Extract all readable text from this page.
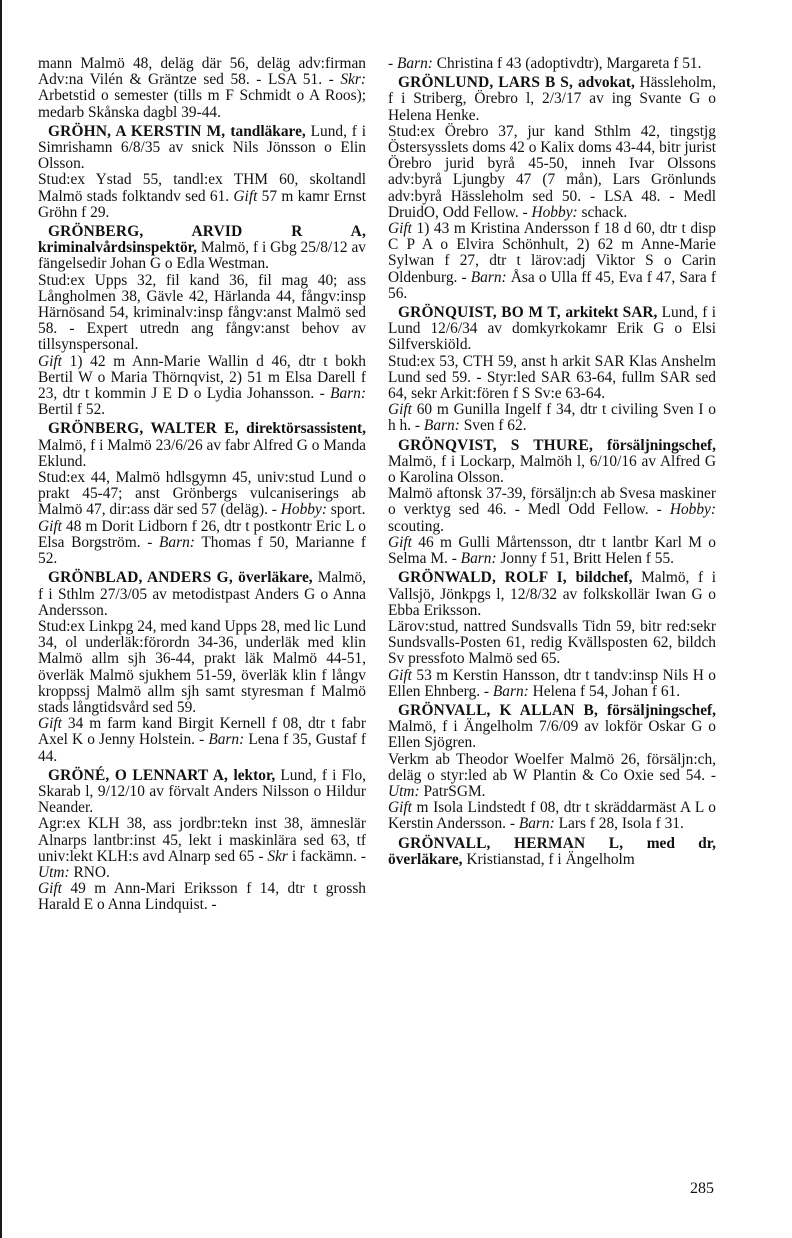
mann Malmö 48, deläg där 56, deläg adv:firman Adv:na Vilén & Gräntze sed 58. - LSA 51. - Skr: Arbetstid o semester (tills m F Schmidt o A Roos); medarb Skånska dagbl 39-44.

GRÖHN, A KERSTIN M, tandläkare, Lund, f i Simrishamn 6/8/35 av snick Nils Jönsson o Elin Olsson.

Stud:ex Ystad 55, tandl:ex THM 60, skoltandl Malmö stads folktandv sed 61. Gift 57 m kamr Ernst Gröhn f 29.

GRÖNBERG, ARVID R A, kriminalvårdsinspektör, Malmö, f i Gbg 25/8/12 av fängelsedir Johan G o Edla Westman.

Stud:ex Upps 32, fil kand 36, fil mag 40; ass Långholmen 38, Gävle 42, Härlanda 44, fångv:insp Härnösand 54, kriminalv:insp fångv:anst Malmö sed 58. - Expert utredn ang fångv:anst behov av tillsynspersonal.

Gift 1) 42 m Ann-Marie Wallin d 46, dtr t bokh Bertil W o Maria Thörnqvist, 2) 51 m Elsa Darell f 23, dtr t kommin J E D o Lydia Johansson. - Barn: Bertil f 52.

GRÖNBERG, WALTER E, direktörsassistent, Malmö, f i Malmö 23/6/26 av fabr Alfred G o Manda Eklund.

Stud:ex 44, Malmö hdlsgymn 45, univ:stud Lund o prakt 45-47; anst Grönbergs vulcaniserings ab Malmö 47, dir:ass där sed 57 (deläg). - Hobby: sport.

Gift 48 m Dorit Lidborn f 26, dtr t postkontr Eric L o Elsa Borgström. - Barn: Thomas f 50, Marianne f 52.

GRÖNBLAD, ANDERS G, överläkare, Malmö, f i Sthlm 27/3/05 av metodistpast Anders G o Anna Andersson.

Stud:ex Linkpg 24, med kand Upps 28, med lic Lund 34, ol underläk:förordn 34-36, underläk med klin Malmö allm sjh 36-44, prakt läk Malmö 44-51, överläk Malmö sjukhem 51-59, överläk klin f långv kroppssj Malmö allm sjh samt styresman f Malmö stads långtidsvård sed 59.

Gift 34 m farm kand Birgit Kernell f 08, dtr t fabr Axel K o Jenny Holstein. - Barn: Lena f 35, Gustaf f 44.

GRÖNÉ, O LENNART A, lektor, Lund, f i Flo, Skarab l, 9/12/10 av förvalt Anders Nilsson o Hildur Neander.

Agr:ex KLH 38, ass jordbr:tekn inst 38, ämneslär Alnarps lantbr:inst 45, lekt i maskinlära sed 63, tf univ:lekt KLH:s avd Alnarp sed 65 - Skr i fackämn. - Utm: RNO.

Gift 49 m Ann-Mari Eriksson f 14, dtr t grossh Harald E o Anna Lindquist. -

- Barn: Christina f 43 (adoptivdtr), Margareta f 51.

GRÖNLUND, LARS B S, advokat, Hässleholm, f i Striberg, Örebro l, 2/3/17 av ing Svante G o Helena Henke.

Stud:ex Örebro 37, jur kand Sthlm 42, tingstjg Östersysslets doms 42 o Kalix doms 43-44, bitr jurist Örebro jurid byrå 45-50, inneh Ivar Olssons adv:byrå Ljungby 47 (7 mån), Lars Grönlunds adv:byrå Hässleholm sed 50. - LSA 48. - Medl DruidO, Odd Fellow. - Hobby: schack.

Gift 1) 43 m Kristina Andersson f 18 d 60, dtr t disp C P A o Elvira Schönhult, 2) 62 m Anne-Marie Sylwan f 27, dtr t lärov:adj Viktor S o Carin Oldenburg. - Barn: Åsa o Ulla ff 45, Eva f 47, Sara f 56.

GRÖNQUIST, BO M T, arkitekt SAR, Lund, f i Lund 12/6/34 av domkyrkokamr Erik G o Elsi Silfverskiöld.

Stud:ex 53, CTH 59, anst h arkit SAR Klas Anshelm Lund sed 59. - Styr:led SAR 63-64, fullm SAR sed 64, sekr Arkit:fören f S Sv:e 63-64.

Gift 60 m Gunilla Ingelf f 34, dtr t civiling Sven I o h h. - Barn: Sven f 62.

GRÖNQVIST, S THURE, försäljningschef, Malmö, f i Lockarp, Malmöh l, 6/10/16 av Alfred G o Karolina Olsson.

Malmö aftonsk 37-39, försäljn:ch ab Svesa maskiner o verktyg sed 46. - Medl Odd Fellow. - Hobby: scouting.

Gift 46 m Gulli Mårtensson, dtr t lantbr Karl M o Selma M. - Barn: Jonny f 51, Britt Helen f 55.

GRÖNWALD, ROLF I, bildchef, Malmö, f i Vallsjö, Jönkpgs l, 12/8/32 av folkskollär Iwan G o Ebba Eriksson.

Lärov:stud, nattred Sundsvalls Tidn 59, bitr red:sekr Sundsvalls-Posten 61, redig Kvällsposten 62, bildch Sv pressfoto Malmö sed 65.

Gift 53 m Kerstin Hansson, dtr t tandv:insp Nils H o Ellen Ehnberg. - Barn: Helena f 54, Johan f 61.

GRÖNVALL, K ALLAN B, försäljningschef, Malmö, f i Ängelholm 7/6/09 av lokför Oskar G o Ellen Sjögren.

Verkm ab Theodor Woelfer Malmö 26, försäljn:ch, deläg o styr:led ab W Plantin & Co Oxie sed 54. - Utm: PatrSGM.

Gift m Isola Lindstedt f 08, dtr t skräddarmäst A L o Kerstin Andersson. - Barn: Lars f 28, Isola f 31.

GRÖNVALL, HERMAN L, med dr, överläkare, Kristianstad, f i Ängelholm

285
